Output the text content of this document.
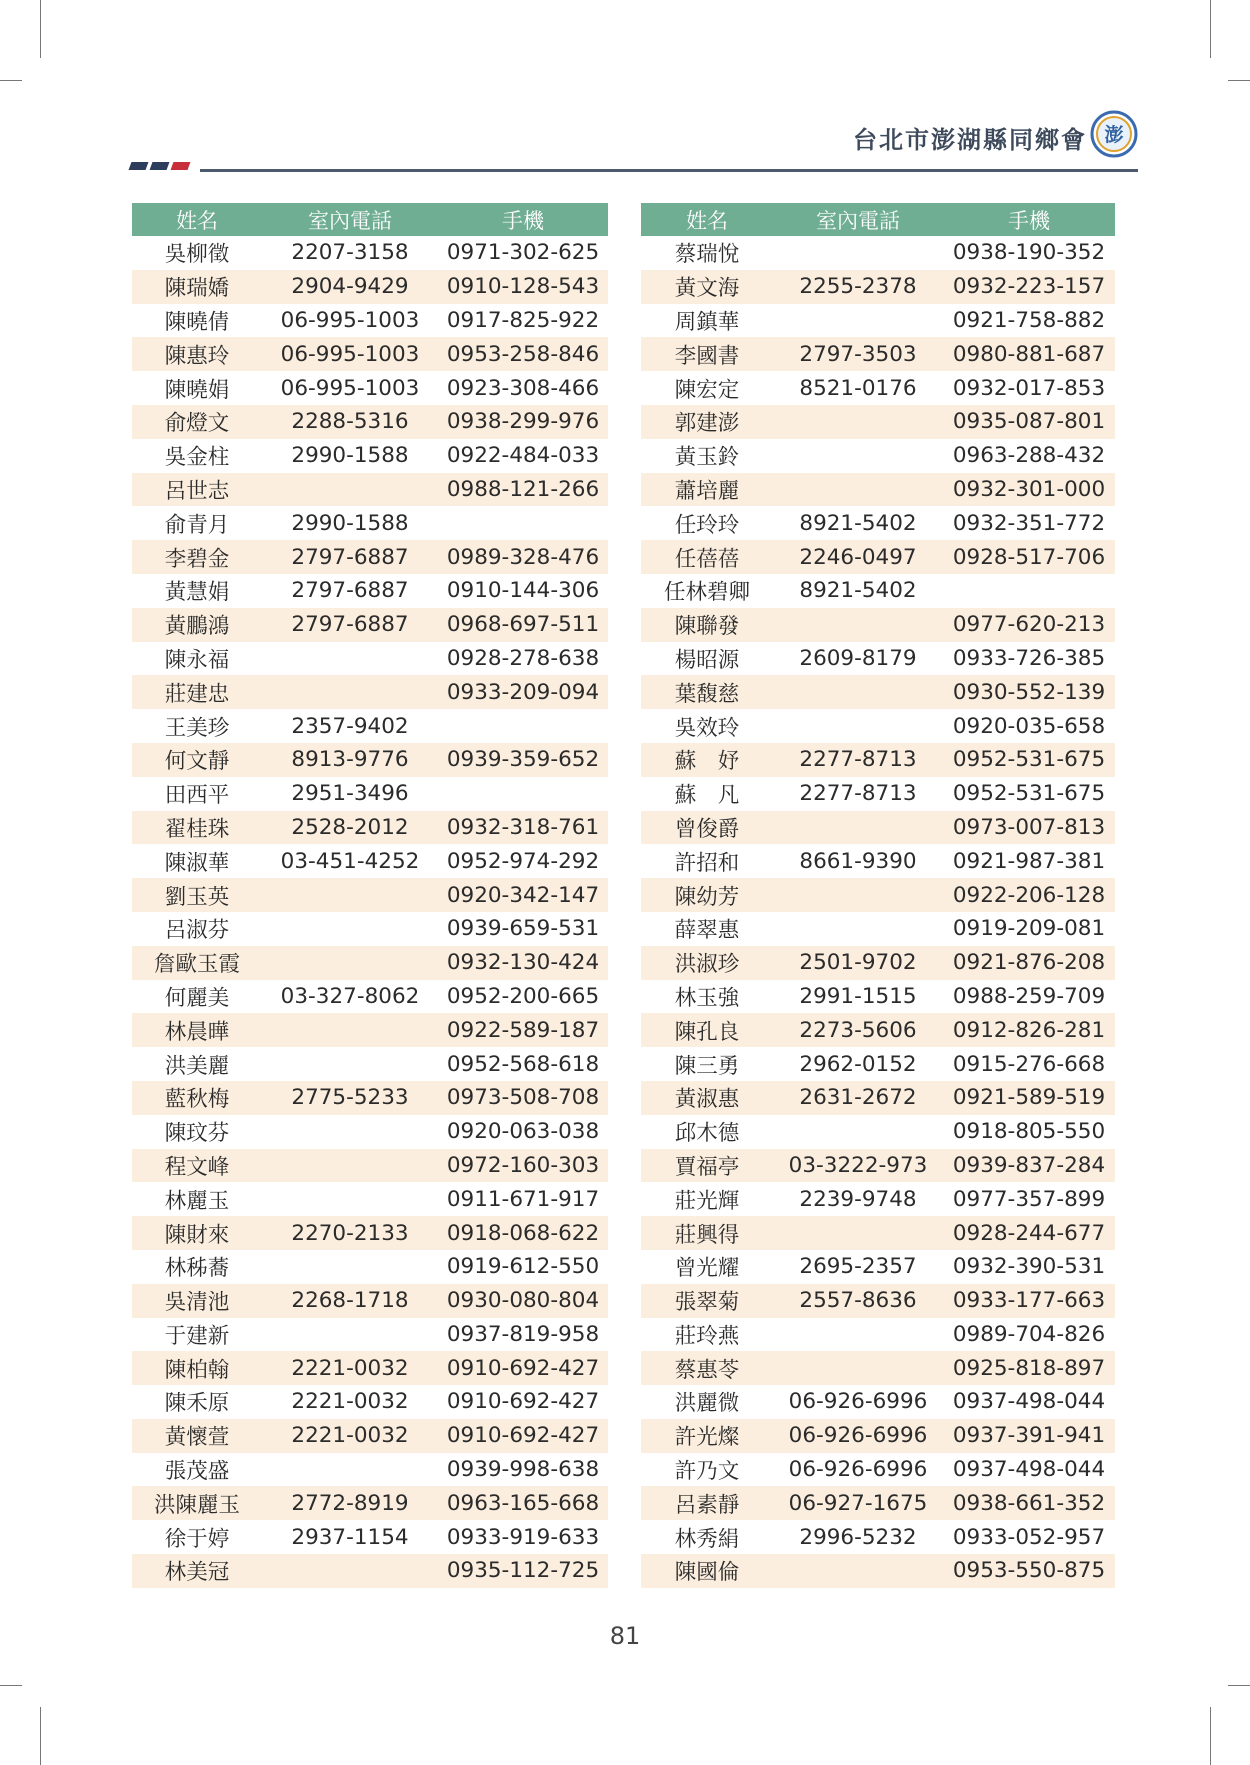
台北市澎湖縣同鄉會 澎
姓名	室內電話	手機
吳柳徵	2207-3158	0971-302-625
陳瑞嬌	2904-9429	0910-128-543
陳曉倩	06-995-1003	0917-825-922
陳惠玲	06-995-1003	0953-258-846
陳曉娟	06-995-1003	0923-308-466
俞燈文	2288-5316	0938-299-976
吳金柱	2990-1588	0922-484-033
呂世志		0988-121-266
俞青月	2990-1588	
李碧金	2797-6887	0989-328-476
黃慧娟	2797-6887	0910-144-306
黃鵬鴻	2797-6887	0968-697-511
陳永福		0928-278-638
莊建忠		0933-209-094
王美珍	2357-9402	
何文靜	8913-9776	0939-359-652
田西平	2951-3496	
翟桂珠	2528-2012	0932-318-761
陳淑華	03-451-4252	0952-974-292
劉玉英		0920-342-147
呂淑芬		0939-659-531
詹歐玉霞		0932-130-424
何麗美	03-327-8062	0952-200-665
林晨曄		0922-589-187
洪美麗		0952-568-618
藍秋梅	2775-5233	0973-508-708
陳玟芬		0920-063-038
程文峰		0972-160-303
林麗玉		0911-671-917
陳財來	2270-2133	0918-068-622
林秭蕎		0919-612-550
吳清池	2268-1718	0930-080-804
于建新		0937-819-958
陳柏翰	2221-0032	0910-692-427
陳禾原	2221-0032	0910-692-427
黃懷萱	2221-0032	0910-692-427
張茂盛		0939-998-638
洪陳麗玉	2772-8919	0963-165-668
徐于婷	2937-1154	0933-919-633
林美冠		0935-112-725
姓名	室內電話	手機
蔡瑞悅		0938-190-352
黃文海	2255-2378	0932-223-157
周鎮華		0921-758-882
李國書	2797-3503	0980-881-687
陳宏定	8521-0176	0932-017-853
郭建澎		0935-087-801
黃玉鈴		0963-288-432
蕭培麗		0932-301-000
任玲玲	8921-5402	0932-351-772
任蓓蓓	2246-0497	0928-517-706
任林碧卿	8921-5402	
陳聯發		0977-620-213
楊昭源	2609-8179	0933-726-385
葉馥慈		0930-552-139
吳效玲		0920-035-658
蘇　妤	2277-8713	0952-531-675
蘇　凡	2277-8713	0952-531-675
曾俊爵		0973-007-813
許招和	8661-9390	0921-987-381
陳幼芳		0922-206-128
薛翠惠		0919-209-081
洪淑珍	2501-9702	0921-876-208
林玉強	2991-1515	0988-259-709
陳孔良	2273-5606	0912-826-281
陳三勇	2962-0152	0915-276-668
黃淑惠	2631-2672	0921-589-519
邱木德		0918-805-550
賈福亭	03-3222-973	0939-837-284
莊光輝	2239-9748	0977-357-899
莊興得		0928-244-677
曾光耀	2695-2357	0932-390-531
張翠菊	2557-8636	0933-177-663
莊玲燕		0989-704-826
蔡惠苓		0925-818-897
洪麗微	06-926-6996	0937-498-044
許光燦	06-926-6996	0937-391-941
許乃文	06-926-6996	0937-498-044
呂素靜	06-927-1675	0938-661-352
林秀絹	2996-5232	0933-052-957
陳國倫		0953-550-875
81
